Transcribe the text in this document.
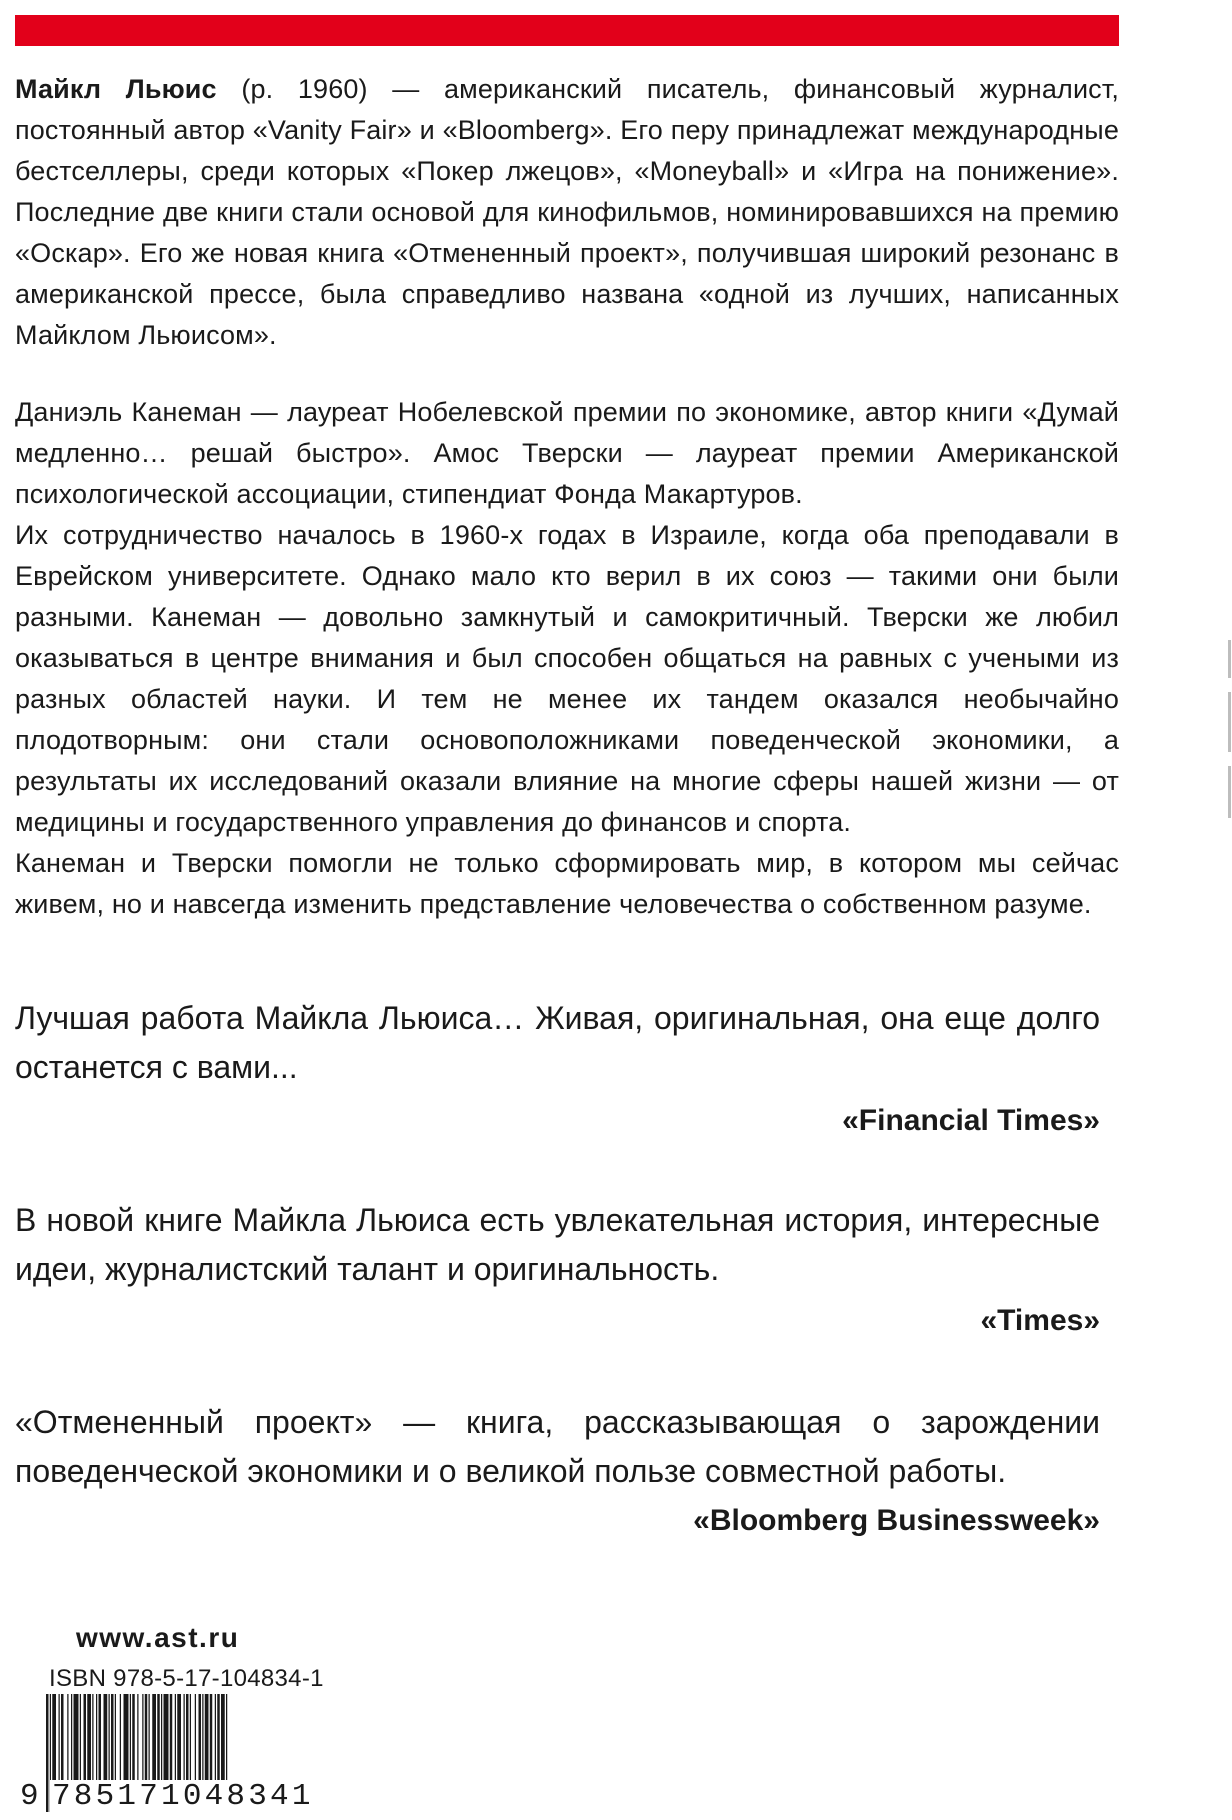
Майкл Льюис (р. 1960) — американский писатель, финансовый журналист, постоянный автор «Vanity Fair» и «Bloomberg». Его перу принадлежат международные бестселлеры, среди которых «Покер лжецов», «Moneyball» и «Игра на понижение». Последние две книги стали основой для кинофильмов, номинировавшихся на премию «Оскар». Его же новая книга «Отмененный проект», получившая широкий резонанс в американской прессе, была справедливо названа «одной из лучших, написанных Майклом Льюисом».

Даниэль Канеман — лауреат Нобелевской премии по экономике, автор книги «Думай медленно… решай быстро». Амос Тверски — лауреат премии Американской психологической ассоциации, стипендиат Фонда Макартуров.

Их сотрудничество началось в 1960-х годах в Израиле, когда оба преподавали в Еврейском университете. Однако мало кто верил в их союз — такими они были разными. Канеман — довольно замкнутый и самокритичный. Тверски же любил оказываться в центре внимания и был способен общаться на равных с учеными из разных областей науки. И тем не менее их тандем оказался необычайно плодотворным: они стали основоположниками поведенческой экономики, а результаты их исследований оказали влияние на многие сферы нашей жизни — от медицины и государственного управления до финансов и спорта.

Канеман и Тверски помогли не только сформировать мир, в котором мы сейчас живем, но и навсегда изменить представление человечества о собственном разуме.

Лучшая работа Майкла Льюиса… Живая, оригинальная, она еще долго останется с вами...

«Financial Times»

В новой книге Майкла Льюиса есть увлекательная история, интересные идеи, журналистский талант и оригинальность.

«Times»

«Отмененный проект» — книга, рассказывающая о зарождении поведенческой экономики и о великой пользе совместной работы.

«Bloomberg Businessweek»

www.ast.ru
ISBN 978-5-17-104834-1
9 785171048341
